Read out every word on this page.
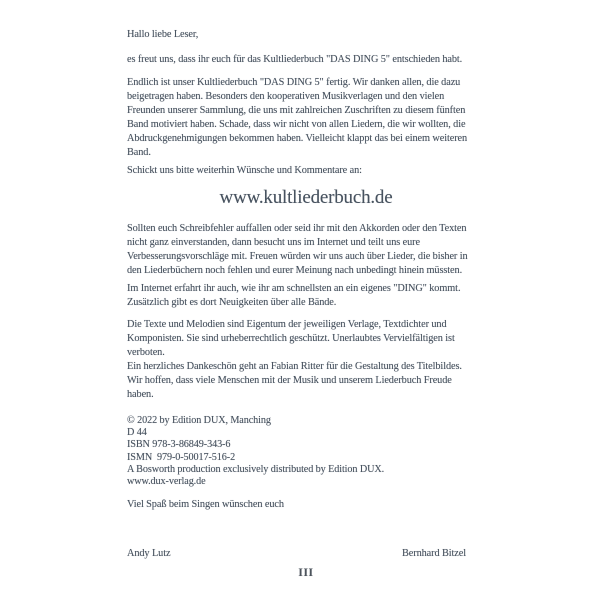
Hallo liebe Leser,
es freut uns, dass ihr euch für das Kultliederbuch "DAS DING 5" entschieden habt.
Endlich ist unser Kultliederbuch "DAS DING 5" fertig. Wir danken allen, die dazu
beigetragen haben. Besonders den kooperativen Musikverlagen und den vielen
Freunden unserer Sammlung, die uns mit zahlreichen Zuschriften zu diesem fünften
Band motiviert haben. Schade, dass wir nicht von allen Liedern, die wir wollten, die
Abdruckgenehmigungen bekommen haben. Vielleicht klappt das bei einem weiteren
Band.
Schickt uns bitte weiterhin Wünsche und Kommentare an:
www.kultliederbuch.de
Sollten euch Schreibfehler auffallen oder seid ihr mit den Akkorden oder den Texten
nicht ganz einverstanden, dann besucht uns im Internet und teilt uns eure
Verbesserungsvorschläge mit. Freuen würden wir uns auch über Lieder, die bisher in
den Liederbüchern noch fehlen und eurer Meinung nach unbedingt hinein müssten.
Im Internet erfahrt ihr auch, wie ihr am schnellsten an ein eigenes "DING" kommt.
Zusätzlich gibt es dort Neuigkeiten über alle Bände.
Die Texte und Melodien sind Eigentum der jeweiligen Verlage, Textdichter und
Komponisten. Sie sind urheberrechtlich geschützt. Unerlaubtes Vervielfältigen ist
verboten.
Ein herzliches Dankeschön geht an Fabian Ritter für die Gestaltung des Titelbildes.
Wir hoffen, dass viele Menschen mit der Musik und unserem Liederbuch Freude
haben.
© 2022 by Edition DUX, Manching
D 44
ISBN 978-3-86849-343-6
ISMN  979-0-50017-516-2
A Bosworth production exclusively distributed by Edition DUX.
www.dux-verlag.de
Viel Spaß beim Singen wünschen euch
Andy Lutz	Bernhard Bitzel
III
